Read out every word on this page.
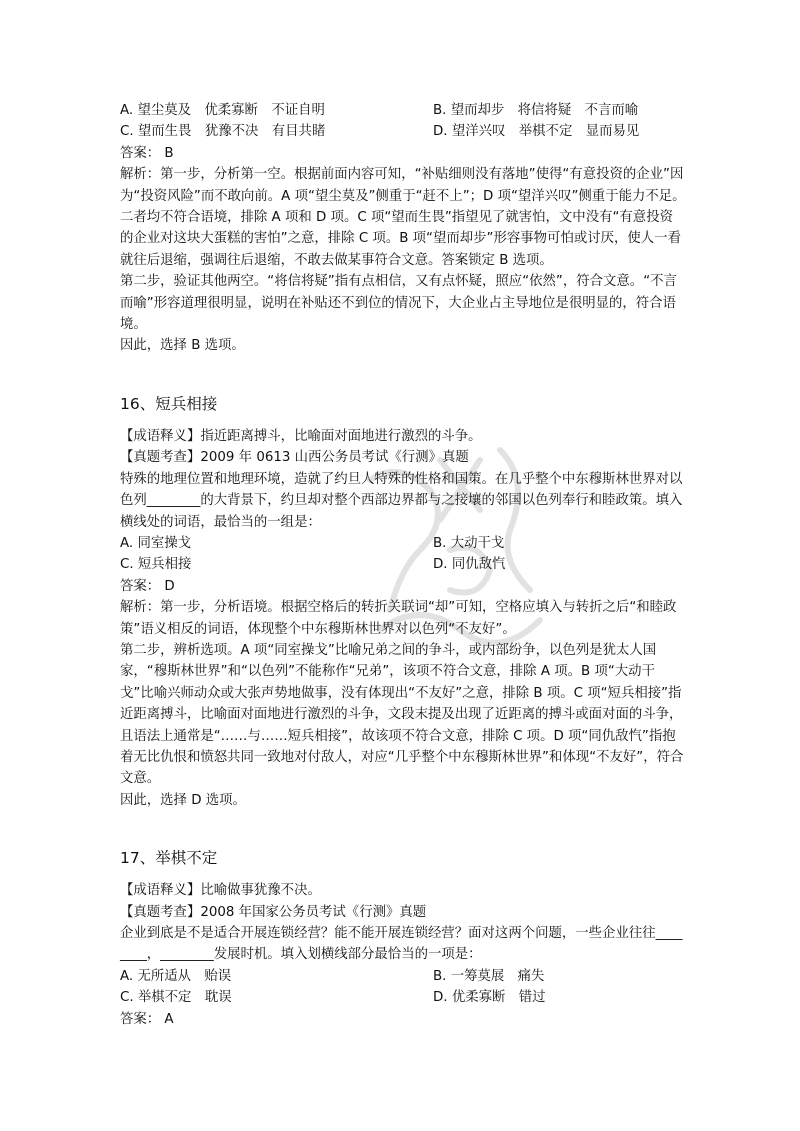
A. 望尘莫及　优柔寡断　不证自明	B. 望而却步　将信将疑　不言而喻
C. 望而生畏　犹豫不决　有目共睹	D. 望洋兴叹　举棋不定　显而易见

答案： B

解析：第一步，分析第一空。根据前面内容可知，“补贴细则没有落地”使得“有意投资的企业”因为“投资风险”而不敢向前。A 项“望尘莫及”侧重于“赶不上”；D 项“望洋兴叹”侧重于能力不足。二者均不符合语境，排除 A 项和 D 项。C 项“望而生畏”指望见了就害怕，文中没有“有意投资的企业对这块大蛋糕的害怕”之意，排除 C 项。B 项“望而却步”形容事物可怕或讨厌，使人一看就往后退缩，强调往后退缩，不敢去做某事符合文意。答案锁定 B 选项。

第二步，验证其他两空。“将信将疑”指有点相信，又有点怀疑，照应“依然”，符合文意。“不言而喻”形容道理很明显，说明在补贴还不到位的情况下，大企业占主导地位是很明显的，符合语境。

因此，选择 B 选项。

16、短兵相接

【成语释义】指近距离搏斗，比喻面对面地进行激烈的斗争。

【真题考查】2009 年 0613 山西公务员考试《行测》真题

特殊的地理位置和地理环境，造就了约旦人特殊的性格和国策。在几乎整个中东穆斯林世界对以色列________的大背景下，约旦却对整个西部边界都与之接壤的邻国以色列奉行和睦政策。填入横线处的词语，最恰当的一组是：

A. 同室操戈	B. 大动干戈
C. 短兵相接	D. 同仇敌忾

答案： D

解析：第一步，分析语境。根据空格后的转折关联词“却”可知，空格应填入与转折之后“和睦政策”语义相反的词语，体现整个中东穆斯林世界对以色列“不友好”。

第二步，辨析选项。A 项“同室操戈”比喻兄弟之间的争斗，或内部纷争，以色列是犹太人国家，“穆斯林世界”和“以色列”不能称作“兄弟”，该项不符合文意，排除 A 项。B 项“大动干戈”比喻兴师动众或大张声势地做事，没有体现出“不友好”之意，排除 B 项。C 项“短兵相接”指近距离搏斗，比喻面对面地进行激烈的斗争，文段末提及出现了近距离的搏斗或面对面的斗争，且语法上通常是“……与……短兵相接”，故该项不符合文意，排除 C 项。D 项“同仇敌忾”指抱着无比仇恨和愤怒共同一致地对付敌人，对应“几乎整个中东穆斯林世界”和体现“不友好”，符合文意。

因此，选择 D 选项。

17、举棋不定

【成语释义】比喻做事犹豫不决。

【真题考查】2008 年国家公务员考试《行测》真题

企业到底是不是适合开展连锁经营？能不能开展连锁经营？面对这两个问题，一些企业往往________，________发展时机。填入划横线部分最恰当的一项是：

A. 无所适从　贻误	B. 一筹莫展　痛失
C. 举棋不定　耽误	D. 优柔寡断　错过

答案： A
